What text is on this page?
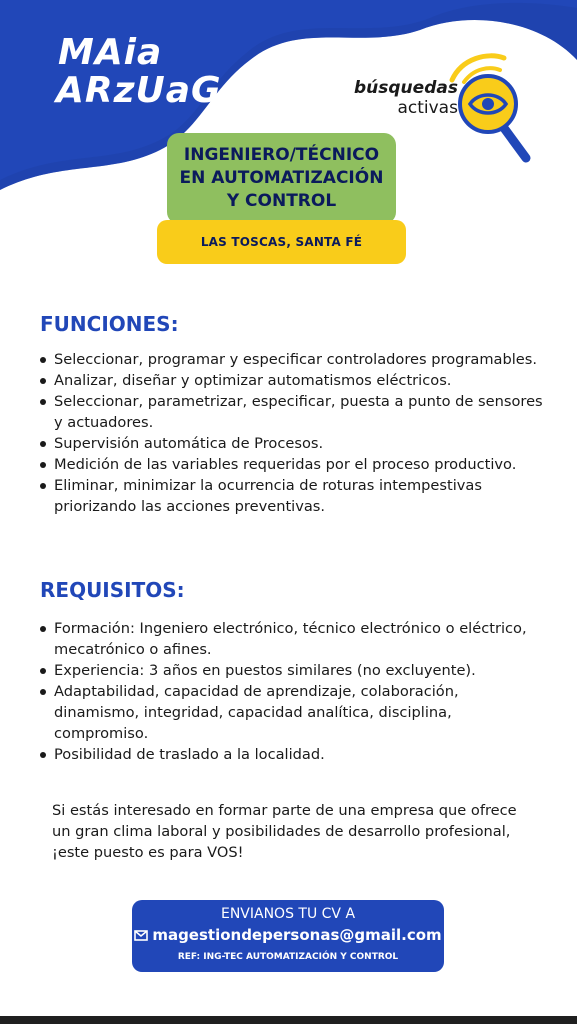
MAia
ARzUaGa	búsquedas
activas
INGENIERO/TÉCNICO
EN AUTOMATIZACIÓN
Y CONTROL
LAS TOSCAS, SANTA FÉ
FUNCIONES:
Seleccionar, programar y especificar controladores programables.
Analizar, diseñar y optimizar automatismos eléctricos.
Seleccionar, parametrizar, especificar, puesta a punto de sensores y actuadores.
Supervisión automática de Procesos.
Medición de las variables requeridas por el proceso productivo.
Eliminar, minimizar la ocurrencia de roturas intempestivas priorizando las acciones preventivas.
REQUISITOS:
Formación: Ingeniero electrónico, técnico electrónico o eléctrico, mecatrónico o afines.
Experiencia: 3 años en puestos similares (no excluyente).
Adaptabilidad, capacidad de aprendizaje, colaboración, dinamismo, integridad, capacidad analítica, disciplina, compromiso.
Posibilidad de traslado a la localidad.
Si estás interesado en formar parte de una empresa que ofrece un gran clima laboral y posibilidades de desarrollo profesional, ¡este puesto es para VOS!
ENVIANOS TU CV A
magestiondepersonas@gmail.com
REF: ING-TEC AUTOMATIZACIÓN Y CONTROL
